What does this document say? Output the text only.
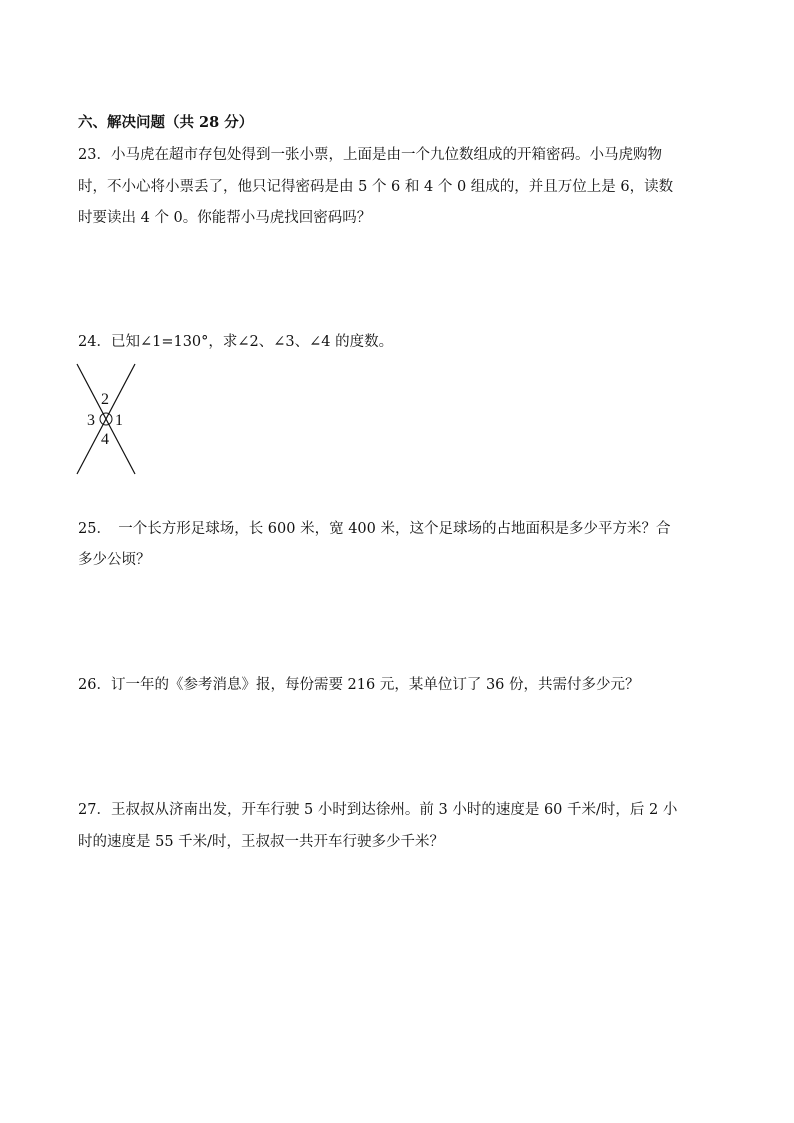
六、解决问题（共 28 分）

23．小马虎在超市存包处得到一张小票，上面是由一个九位数组成的开箱密码。小马虎购物

时，不小心将小票丢了，他只记得密码是由 5 个 6 和 4 个 0 组成的，并且万位上是 6，读数

时要读出 4 个 0。你能帮小马虎找回密码吗？

24．已知∠1=130°，求∠2、∠3、∠4 的度数。

2
3 1
4

25．　一个长方形足球场，长 600 米，宽 400 米，这个足球场的占地面积是多少平方米？合

多少公顷？

26．订一年的《参考消息》报，每份需要 216 元，某单位订了 36 份，共需付多少元？

27．王叔叔从济南出发，开车行驶 5 小时到达徐州。前 3 小时的速度是 60 千米/时，后 2 小

时的速度是 55 千米/时，王叔叔一共开车行驶多少千米？
